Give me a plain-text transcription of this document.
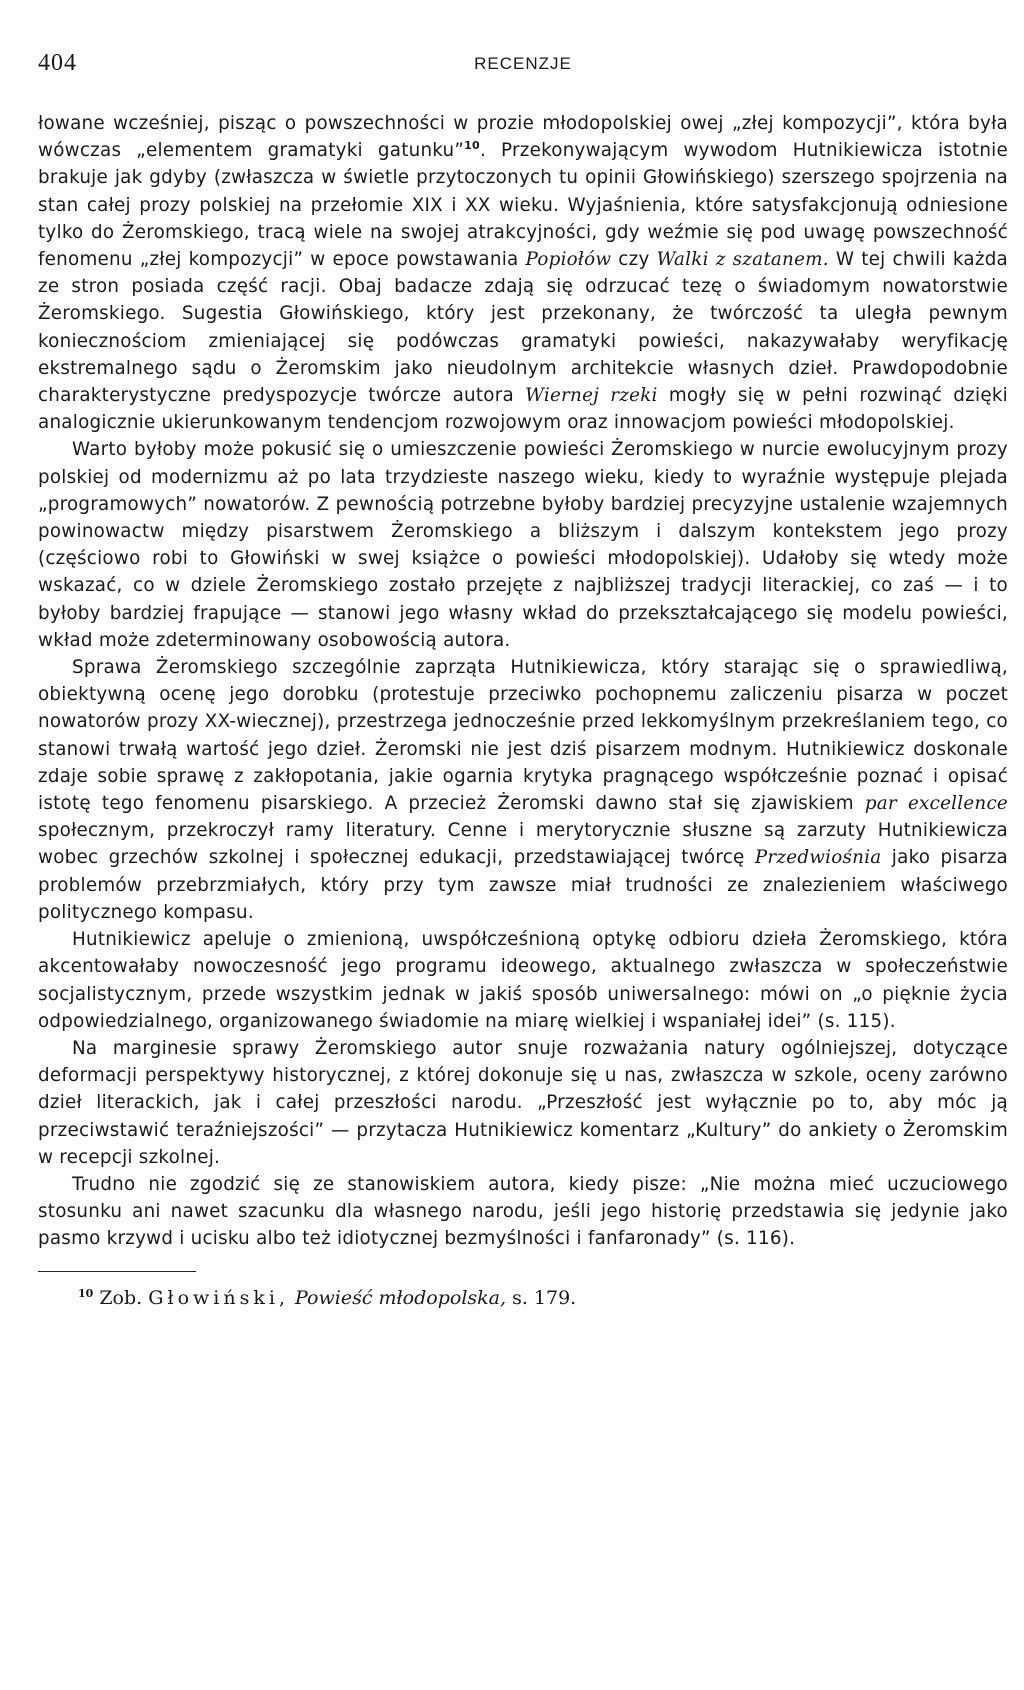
404	RECENZJE

łowane wcześniej, pisząc o powszechności w prozie młodopolskiej owej „złej kompozycji”, która była wówczas „elementem gramatyki gatunku”$^{10}$. Przekonywającym wywodom Hutnikiewicza istotnie brakuje jak gdyby (zwłaszcza w świetle przytoczonych tu opinii Głowińskiego) szerszego spojrzenia na stan całej prozy polskiej na przełomie XIX i XX wieku. Wyjaśnienia, które satysfakcjonują odniesione tylko do Żeromskiego, tracą wiele na swojej atrakcyjności, gdy weźmie się pod uwagę powszechność fenomenu „złej kompozycji” w epoce powstawania Popiołów czy Walki z szatanem. W tej chwili każda ze stron posiada część racji. Obaj badacze zdają się odrzucać tezę o świadomym nowatorstwie Żeromskiego. Sugestia Głowińskiego, który jest przekonany, że twórczość ta uległa pewnym koniecznościom zmieniającej się podówczas gramatyki powieści, nakazywałaby weryfikację ekstremalnego sądu o Żeromskim jako nieudolnym architekcie własnych dzieł. Prawdopodobnie charakterystyczne predyspozycje twórcze autora Wiernej rzeki mogły się w pełni rozwinąć dzięki analogicznie ukierunkowanym tendencjom rozwojowym oraz innowacjom powieści młodopolskiej.

Warto byłoby może pokusić się o umieszczenie powieści Żeromskiego w nurcie ewolucyjnym prozy polskiej od modernizmu aż po lata trzydzieste naszego wieku, kiedy to wyraźnie występuje plejada „programowych” nowatorów. Z pewnością potrzebne byłoby bardziej precyzyjne ustalenie wzajemnych powinowactw między pisarstwem Żeromskiego a bliższym i dalszym kontekstem jego prozy (częściowo robi to Głowiński w swej książce o powieści młodopolskiej). Udałoby się wtedy może wskazać, co w dziele Żeromskiego zostało przejęte z najbliższej tradycji literackiej, co zaś — i to byłoby bardziej frapujące — stanowi jego własny wkład do przekształcającego się modelu powieści, wkład może zdeterminowany osobowością autora.

Sprawa Żeromskiego szczególnie zaprząta Hutnikiewicza, który starając się o sprawiedliwą, obiektywną ocenę jego dorobku (protestuje przeciwko pochopnemu zaliczeniu pisarza w poczet nowatorów prozy XX-wiecznej), przestrzega jednocześnie przed lekkomyślnym przekreślaniem tego, co stanowi trwałą wartość jego dzieł. Żeromski nie jest dziś pisarzem modnym. Hutnikiewicz doskonale zdaje sobie sprawę z zakłopotania, jakie ogarnia krytyka pragnącego współcześnie poznać i opisać istotę tego fenomenu pisarskiego. A przecież Żeromski dawno stał się zjawiskiem par excellence społecznym, przekroczył ramy literatury. Cenne i merytorycznie słuszne są zarzuty Hutnikiewicza wobec grzechów szkolnej i społecznej edukacji, przedstawiającej twórcę Przedwiośnia jako pisarza problemów przebrzmiałych, który przy tym zawsze miał trudności ze znalezieniem właściwego politycznego kompasu.

Hutnikiewicz apeluje o zmienioną, uwspółcześnioną optykę odbioru dzieła Żeromskiego, która akcentowałaby nowoczesność jego programu ideowego, aktualnego zwłaszcza w społeczeństwie socjalistycznym, przede wszystkim jednak w jakiś sposób uniwersalnego: mówi on „o pięknie życia odpowiedzialnego, organizowanego świadomie na miarę wielkiej i wspaniałej idei” (s. 115).

Na marginesie sprawy Żeromskiego autor snuje rozważania natury ogólniejszej, dotyczące deformacji perspektywy historycznej, z której dokonuje się u nas, zwłaszcza w szkole, oceny zarówno dzieł literackich, jak i całej przeszłości narodu. „Przeszłość jest wyłącznie po to, aby móc ją przeciwstawić teraźniejszości” — przytacza Hutnikiewicz komentarz „Kultury” do ankiety o Żeromskim w recepcji szkolnej.

Trudno nie zgodzić się ze stanowiskiem autora, kiedy pisze: „Nie można mieć uczuciowego stosunku ani nawet szacunku dla własnego narodu, jeśli jego historię przedstawia się jedynie jako pasmo krzywd i ucisku albo też idiotycznej bezmyślności i fanfaronady” (s. 116).

$^{10}$ Zob. Głowiński, Powieść młodopolska, s. 179.
